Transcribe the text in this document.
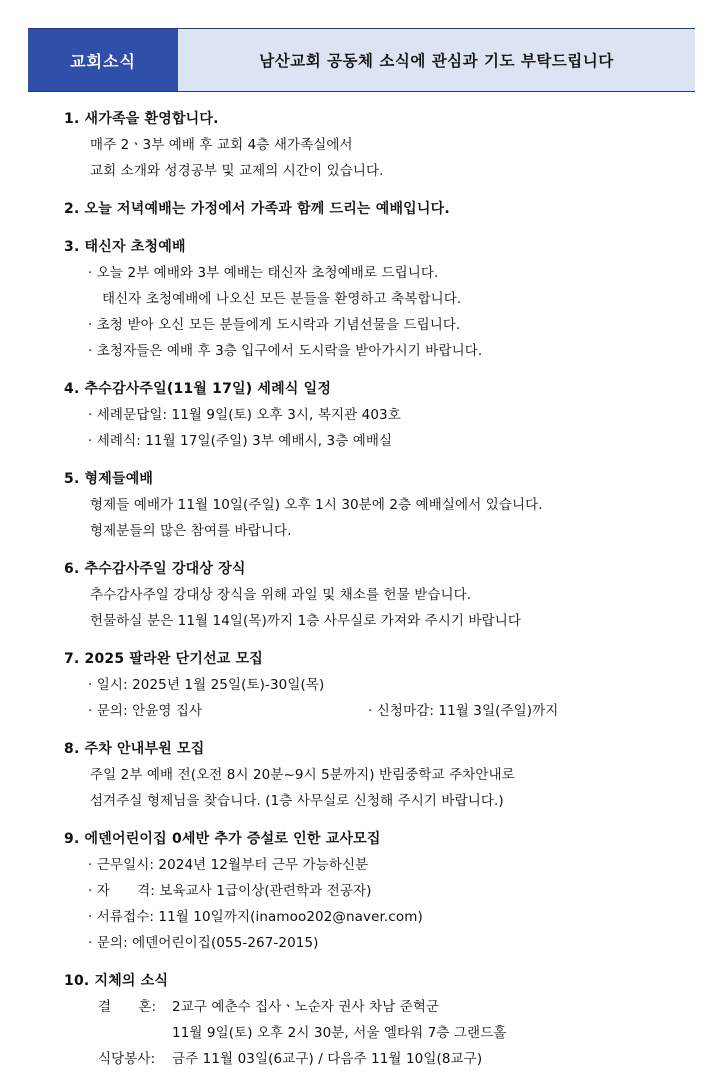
교회소식	남산교회 공동체 소식에 관심과 기도 부탁드립니다
1. 새가족을 환영합니다.
매주 2ㆍ3부 예배 후 교회 4층 새가족실에서
교회 소개와 성경공부 및 교제의 시간이 있습니다.
2. 오늘 저녁예배는 가정에서 가족과 함께 드리는 예배입니다.
3. 태신자 초청예배
· 오늘 2부 예배와 3부 예배는 태신자 초청예배로 드립니다.
태신자 초청예배에 나오신 모든 분들을 환영하고 축복합니다.
· 초청 받아 오신 모든 분들에게 도시락과 기념선물을 드립니다.
· 초청자들은 예배 후 3층 입구에서 도시락을 받아가시기 바랍니다.
4. 추수감사주일(11월 17일) 세례식 일정
· 세례문답일: 11월 9일(토) 오후 3시, 복지관 403호
· 세례식: 11월 17일(주일) 3부 예배시, 3층 예배실
5. 형제들예배
형제들 예배가 11월 10일(주일) 오후 1시 30분에 2층 예배실에서 있습니다.
형제분들의 많은 참여를 바랍니다.
6. 추수감사주일 강대상 장식
추수감사주일 강대상 장식을 위해 과일 및 채소를 헌물 받습니다.
헌물하실 분은 11월 14일(목)까지 1층 사무실로 가져와 주시기 바랍니다
7. 2025 팔라완 단기선교 모집
· 일시: 2025년 1월 25일(토)-30일(목)
· 문의: 안윤영 집사	· 신청마감: 11월 3일(주일)까지
8. 주차 안내부원 모집
주일 2부 예배 전(오전 8시 20분~9시 5분까지) 반림중학교 주차안내로
섬겨주실 형제님을 찾습니다. (1층 사무실로 신청해 주시기 바랍니다.)
9. 에덴어린이집 0세반 추가 증설로 인한 교사모집
· 근무일시: 2024년 12월부터 근무 가능하신분
· 자　　격: 보육교사 1급이상(관련학과 전공자)
· 서류접수: 11월 10일까지(inamoo202@naver.com)
· 문의: 에덴어린이집(055-267-2015)
10. 지체의 소식
결　　혼:	2교구 예춘수 집사ㆍ노순자 권사 차남 준혁군
11월 9일(토) 오후 2시 30분, 서울 엘타워 7층 그랜드홀
식당봉사:	금주 11월 03일(6교구) / 다음주 11월 10일(8교구)
